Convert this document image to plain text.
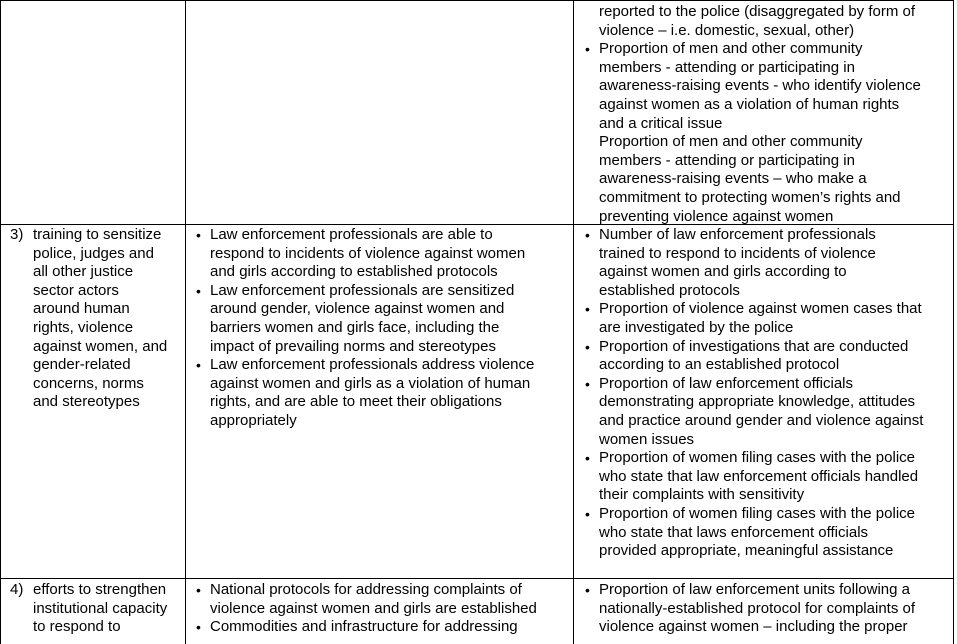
reported to the police (disaggregated by form of
violence – i.e. domestic, sexual, other)
• Proportion of men and other community
members - attending or participating in
awareness-raising events - who identify violence
against women as a violation of human rights
and a critical issue
Proportion of men and other community
members - attending or participating in
awareness-raising events – who make a
commitment to protecting women’s rights and
preventing violence against women
3) training to sensitize
police, judges and
all other justice
sector actors
around human
rights, violence
against women, and
gender-related
concerns, norms
and stereotypes
• Law enforcement professionals are able to
respond to incidents of violence against women
and girls according to established protocols
• Law enforcement professionals are sensitized
around gender, violence against women and
barriers women and girls face, including the
impact of prevailing norms and stereotypes
• Law enforcement professionals address violence
against women and girls as a violation of human
rights, and are able to meet their obligations
appropriately
• Number of law enforcement professionals
trained to respond to incidents of violence
against women and girls according to
established protocols
• Proportion of violence against women cases that
are investigated by the police
• Proportion of investigations that are conducted
according to an established protocol
• Proportion of law enforcement officials
demonstrating appropriate knowledge, attitudes
and practice around gender and violence against
women issues
• Proportion of women filing cases with the police
who state that law enforcement officials handled
their complaints with sensitivity
• Proportion of women filing cases with the police
who state that laws enforcement officials
provided appropriate, meaningful assistance
4) efforts to strengthen
institutional capacity
to respond to
• National protocols for addressing complaints of
violence against women and girls are established
• Commodities and infrastructure for addressing
• Proportion of law enforcement units following a
nationally-established protocol for complaints of
violence against women – including the proper
